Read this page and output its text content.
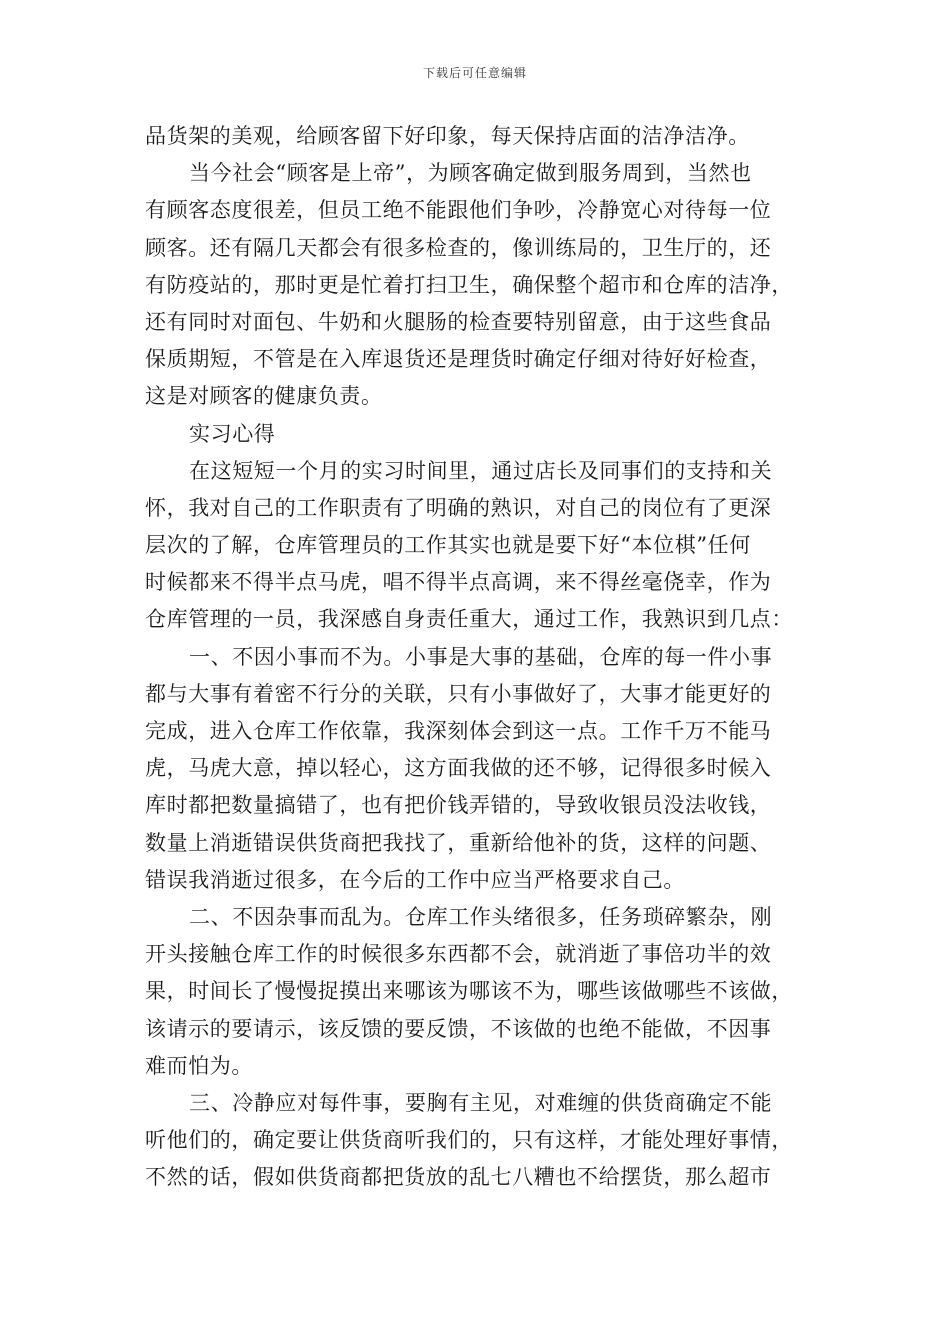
下载后可任意编辑
品货架的美观，给顾客留下好印象，每天保持店面的洁净洁净。
当今社会“顾客是上帝”，为顾客确定做到服务周到，当然也
有顾客态度很差，但员工绝不能跟他们争吵，冷静宽心对待每一位
顾客。还有隔几天都会有很多检查的，像训练局的，卫生厅的，还
有防疫站的，那时更是忙着打扫卫生，确保整个超市和仓库的洁净，
还有同时对面包、牛奶和火腿肠的检查要特别留意，由于这些食品
保质期短，不管是在入库退货还是理货时确定仔细对待好好检查，
这是对顾客的健康负责。
实习心得
在这短短一个月的实习时间里，通过店长及同事们的支持和关
怀，我对自己的工作职责有了明确的熟识，对自己的岗位有了更深
层次的了解，仓库管理员的工作其实也就是要下好“本位棋”任何
时候都来不得半点马虎，唱不得半点高调，来不得丝毫侥幸，作为
仓库管理的一员，我深感自身责任重大，通过工作，我熟识到几点：
一、不因小事而不为。小事是大事的基础，仓库的每一件小事
都与大事有着密不行分的关联，只有小事做好了，大事才能更好的
完成，进入仓库工作依靠，我深刻体会到这一点。工作千万不能马
虎，马虎大意，掉以轻心，这方面我做的还不够，记得很多时候入
库时都把数量搞错了，也有把价钱弄错的，导致收银员没法收钱，
数量上消逝错误供货商把我找了，重新给他补的货，这样的问题、
错误我消逝过很多，在今后的工作中应当严格要求自己。
二、不因杂事而乱为。仓库工作头绪很多，任务琐碎繁杂，刚
开头接触仓库工作的时候很多东西都不会，就消逝了事倍功半的效
果，时间长了慢慢捉摸出来哪该为哪该不为，哪些该做哪些不该做，
该请示的要请示，该反馈的要反馈，不该做的也绝不能做，不因事
难而怕为。
三、冷静应对每件事，要胸有主见，对难缠的供货商确定不能
听他们的，确定要让供货商听我们的，只有这样，才能处理好事情，
不然的话，假如供货商都把货放的乱七八糟也不给摆货，那么超市
